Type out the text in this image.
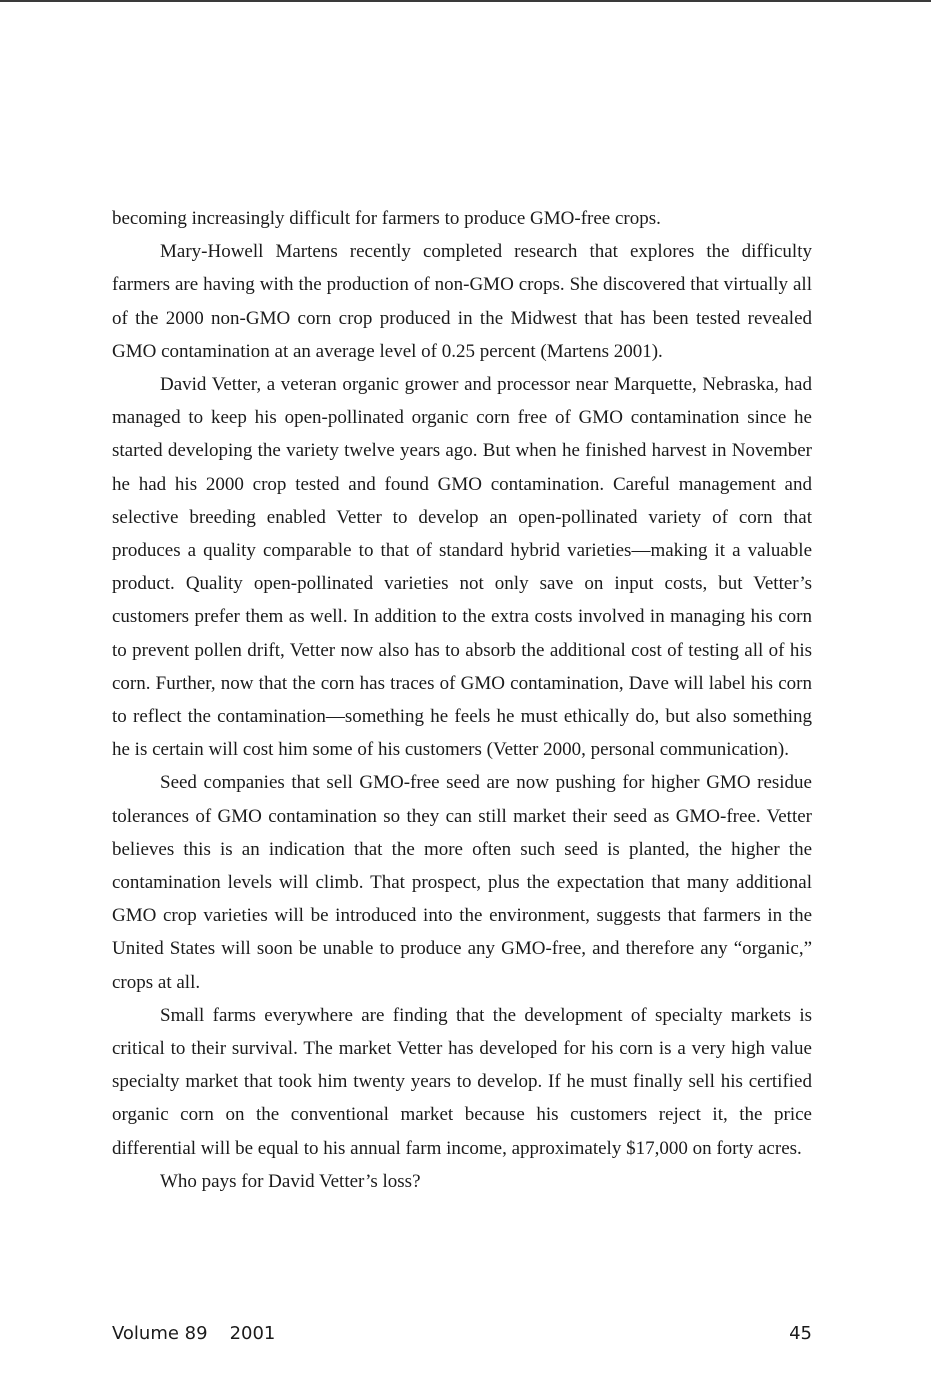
becoming increasingly difficult for farmers to produce GMO-free crops.

Mary-Howell Martens recently completed research that explores the difficulty farmers are having with the production of non-GMO crops. She discovered that virtually all of the 2000 non-GMO corn crop produced in the Midwest that has been tested revealed GMO contamination at an average level of 0.25 percent (Martens 2001).

David Vetter, a veteran organic grower and processor near Marquette, Nebraska, had managed to keep his open-pollinated organic corn free of GMO contamination since he started developing the variety twelve years ago. But when he finished harvest in November he had his 2000 crop tested and found GMO contamination. Careful management and selective breeding enabled Vetter to develop an open-pollinated variety of corn that produces a quality comparable to that of standard hybrid varieties—making it a valuable product. Quality open-pollinated varieties not only save on input costs, but Vetter’s customers prefer them as well. In addition to the extra costs involved in managing his corn to prevent pollen drift, Vetter now also has to absorb the additional cost of testing all of his corn. Further, now that the corn has traces of GMO contamination, Dave will label his corn to reflect the contamination—something he feels he must ethically do, but also something he is certain will cost him some of his customers (Vetter 2000, personal communication).

Seed companies that sell GMO-free seed are now pushing for higher GMO residue tolerances of GMO contamination so they can still market their seed as GMO-free. Vetter believes this is an indication that the more often such seed is planted, the higher the contamination levels will climb. That prospect, plus the expectation that many additional GMO crop varieties will be introduced into the environment, suggests that farmers in the United States will soon be unable to produce any GMO-free, and therefore any “organic,” crops at all.

Small farms everywhere are finding that the development of specialty markets is critical to their survival. The market Vetter has developed for his corn is a very high value specialty market that took him twenty years to develop. If he must finally sell his certified organic corn on the conventional market because his customers reject it, the price differential will be equal to his annual farm income, approximately $17,000 on forty acres.

Who pays for David Vetter’s loss?

Volume 89 2001	45
